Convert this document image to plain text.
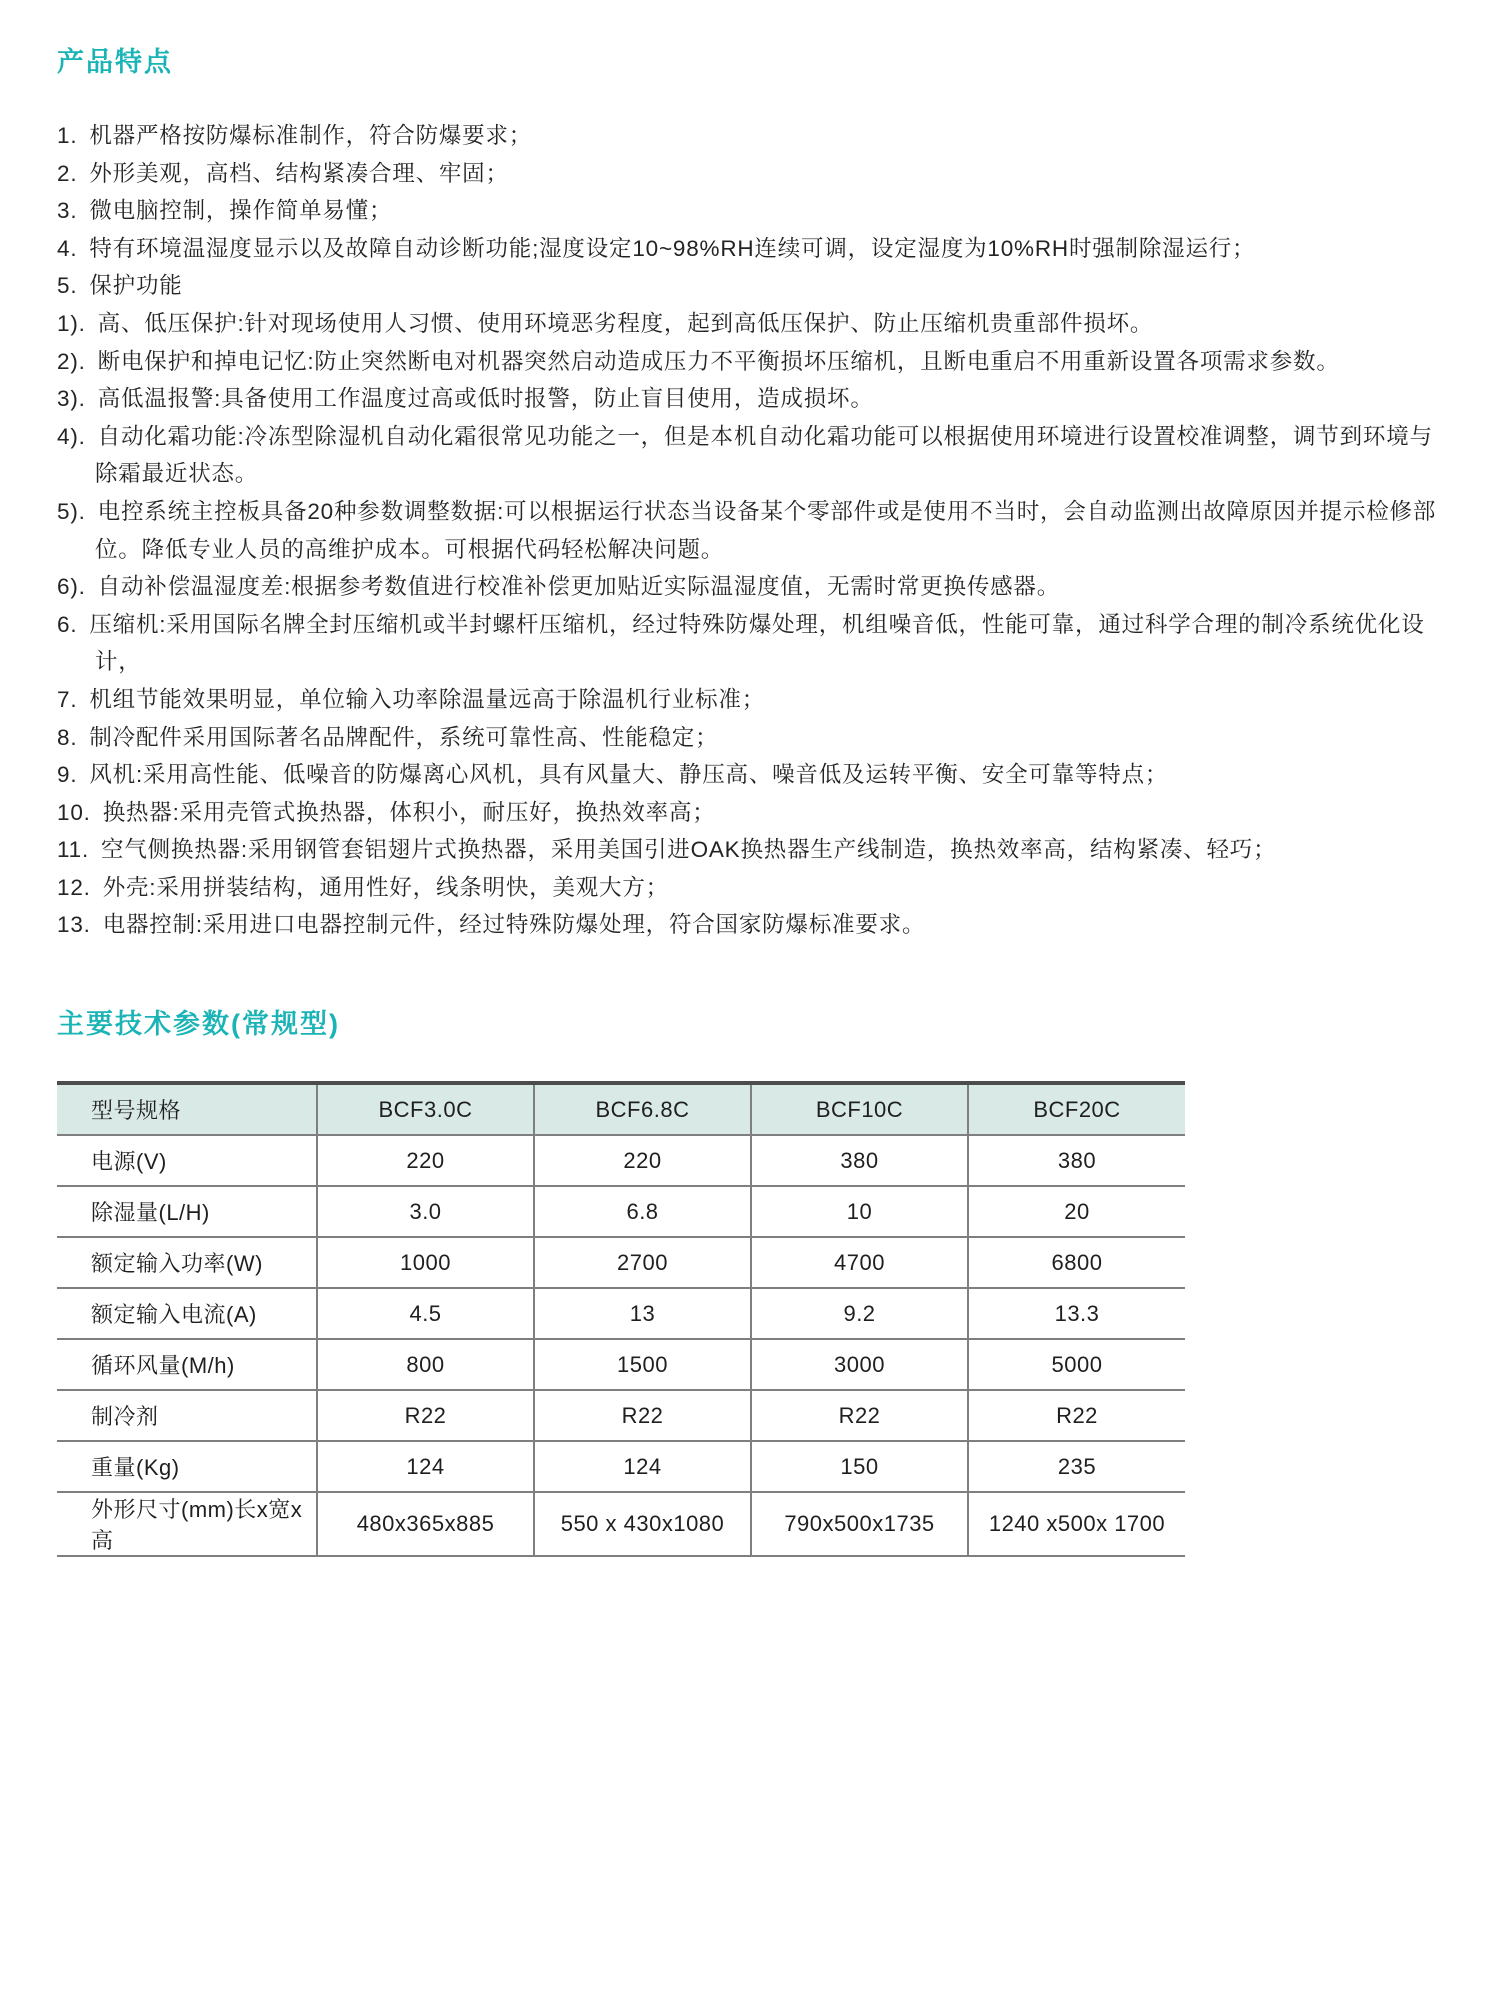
产品特点
1. 机器严格按防爆标准制作，符合防爆要求；
2. 外形美观，高档、结构紧凑合理、牢固；
3. 微电脑控制，操作简单易懂；
4. 特有环境温湿度显示以及故障自动诊断功能;湿度设定10~98%RH连续可调，设定湿度为10%RH时强制除湿运行；
5. 保护功能
1). 高、低压保护:针对现场使用人习惯、使用环境恶劣程度，起到高低压保护、防止压缩机贵重部件损坏。
2). 断电保护和掉电记忆:防止突然断电对机器突然启动造成压力不平衡损坏压缩机，且断电重启不用重新设置各项需求参数。
3). 高低温报警:具备使用工作温度过高或低时报警，防止盲目使用，造成损坏。
4). 自动化霜功能:冷冻型除湿机自动化霜很常见功能之一，但是本机自动化霜功能可以根据使用环境进行设置校准调整，调节到环境与除霜最近状态。
5). 电控系统主控板具备20种参数调整数据:可以根据运行状态当设备某个零部件或是使用不当时，会自动监测出故障原因并提示检修部位。降低专业人员的高维护成本。可根据代码轻松解决问题。
6). 自动补偿温湿度差:根据参考数值进行校准补偿更加贴近实际温湿度值，无需时常更换传感器。
6. 压缩机:采用国际名牌全封压缩机或半封螺杆压缩机，经过特殊防爆处理，机组噪音低，性能可靠，通过科学合理的制冷系统优化设计，
7. 机组节能效果明显，单位输入功率除温量远高于除温机行业标准；
8. 制冷配件采用国际著名品牌配件，系统可靠性高、性能稳定；
9. 风机:采用高性能、低噪音的防爆离心风机，具有风量大、静压高、噪音低及运转平衡、安全可靠等特点；
10. 换热器:采用壳管式换热器，体积小，耐压好，换热效率高；
11. 空气侧换热器:采用钢管套铝翅片式换热器，采用美国引进OAK换热器生产线制造，换热效率高，结构紧凑、轻巧；
12. 外壳:采用拼装结构，通用性好，线条明快，美观大方；
13. 电器控制:采用进口电器控制元件，经过特殊防爆处理，符合国家防爆标准要求。
主要技术参数(常规型)
型号规格	BCF3.0C	BCF6.8C	BCF10C	BCF20C
电源(V)	220	220	380	380
除湿量(L/H)	3.0	6.8	10	20
额定输入功率(W)	1000	2700	4700	6800
额定输入电流(A)	4.5	13	9.2	13.3
循环风量(M/h)	800	1500	3000	5000
制冷剂	R22	R22	R22	R22
重量(Kg)	124	124	150	235
外形尺寸(mm)长x宽x高	480x365x885	550 x 430x1080	790x500x1735	1240 x500x 1700
